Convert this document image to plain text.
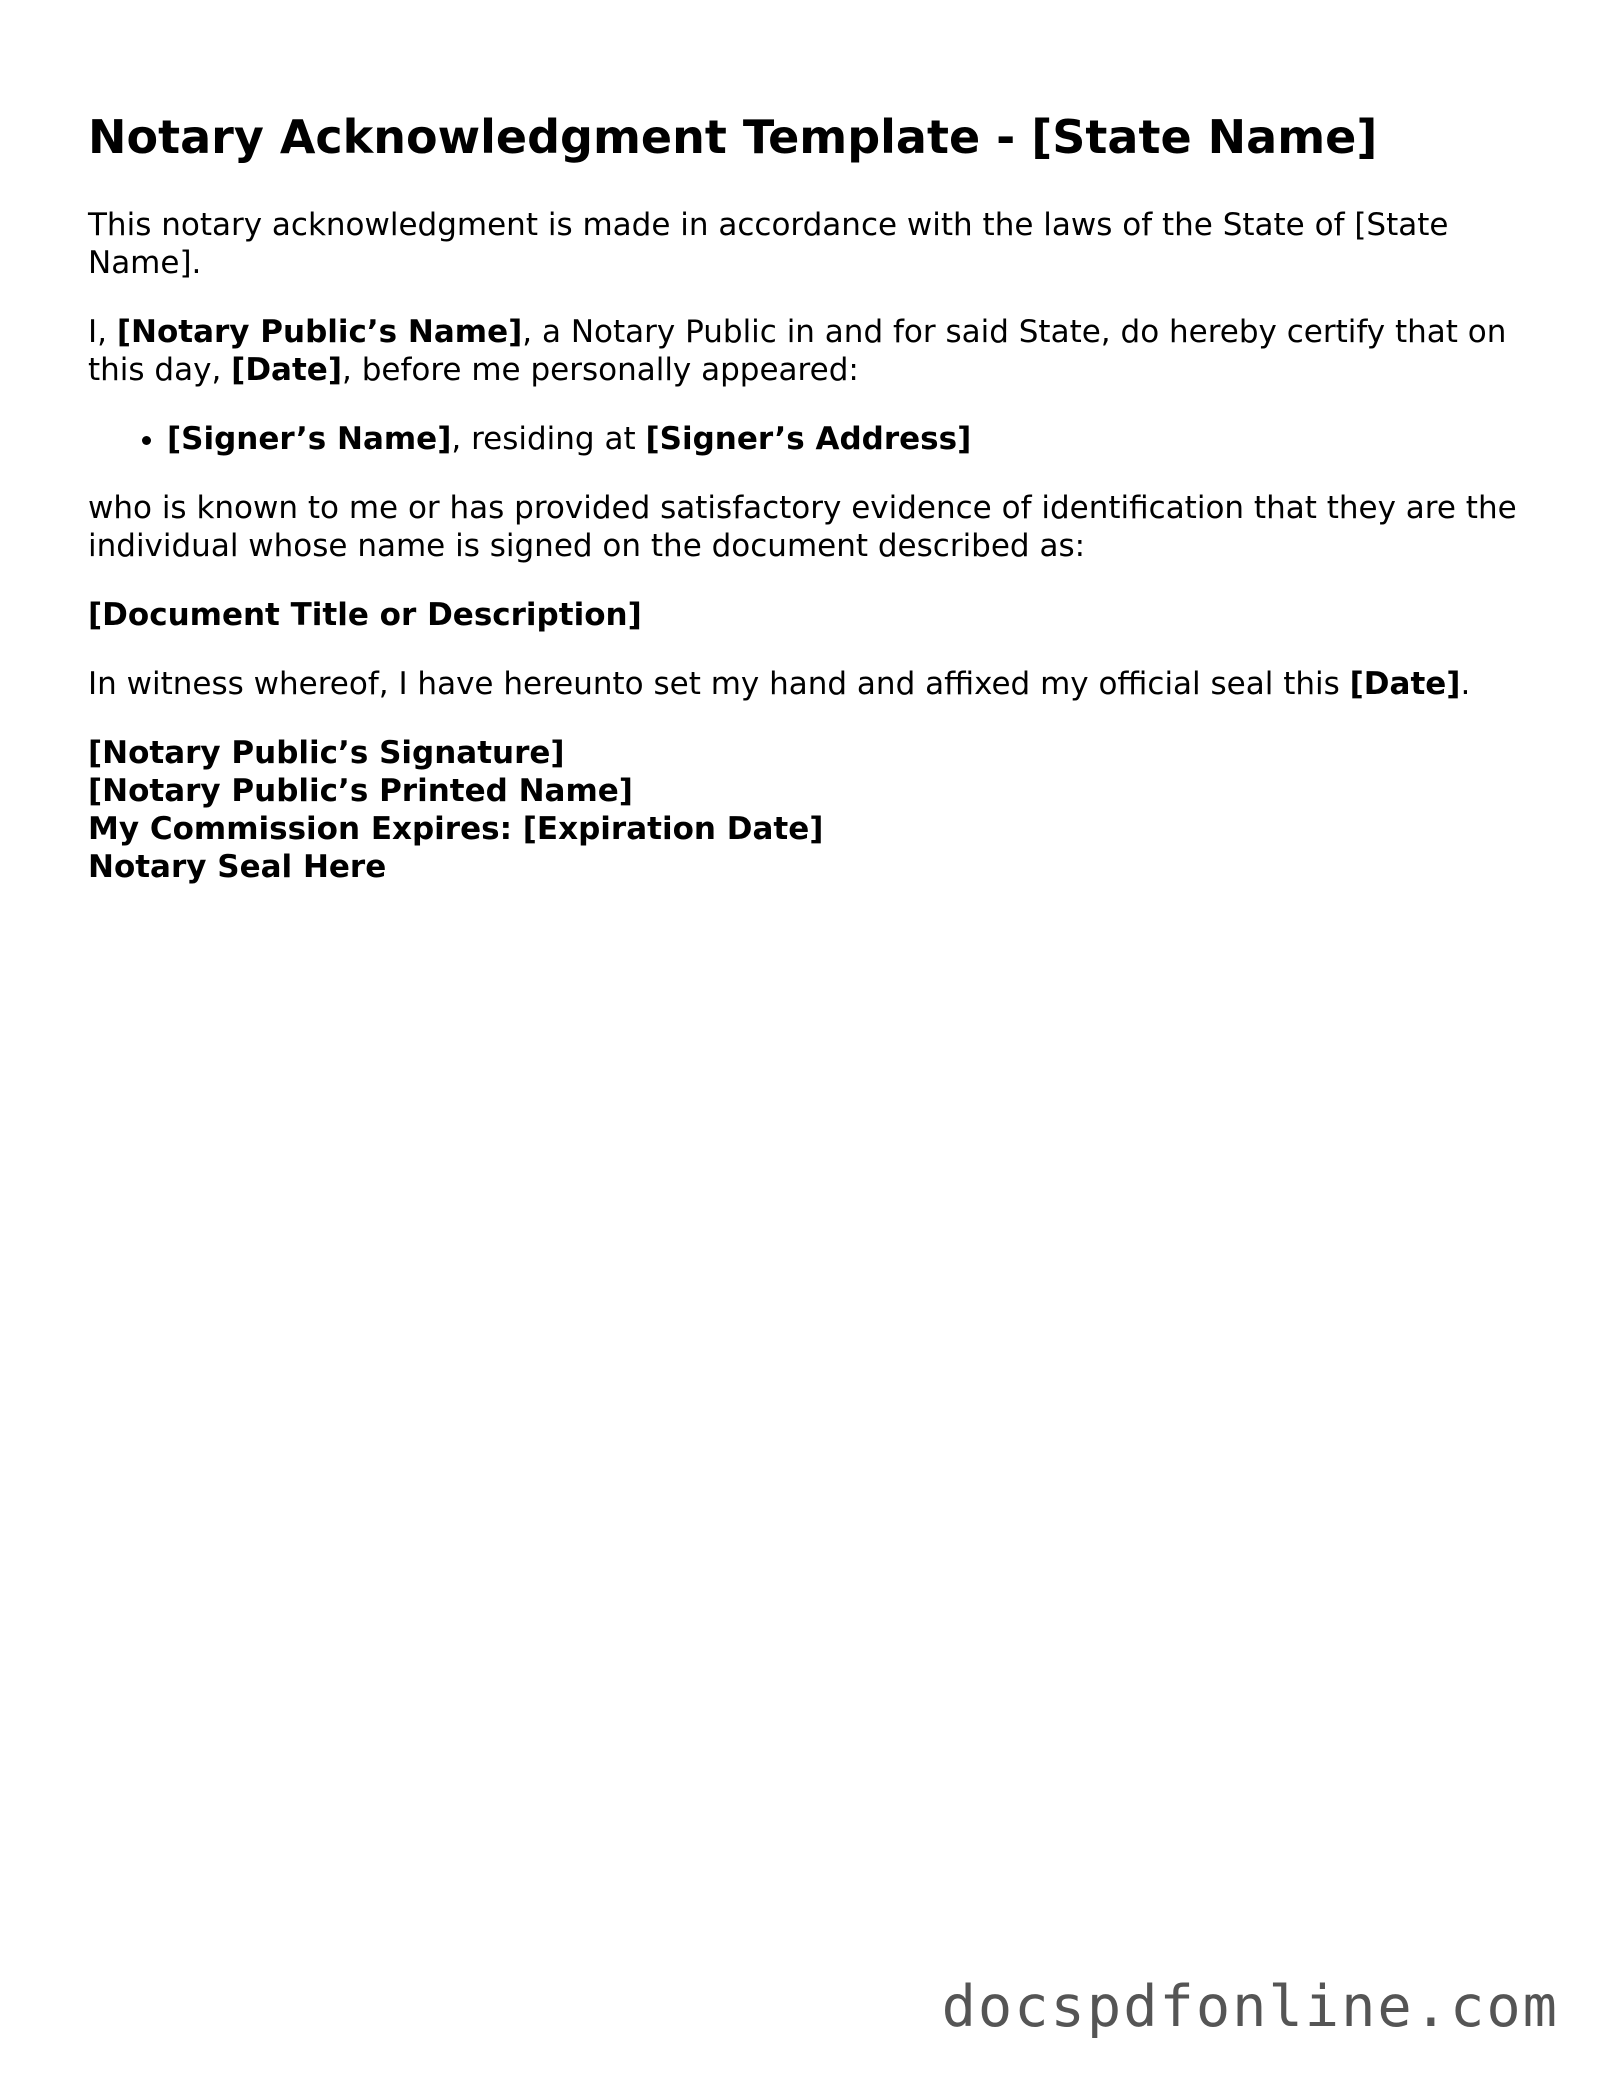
Notary Acknowledgment Template - [State Name]

This notary acknowledgment is made in accordance with the laws of the State of [State Name].

I, [Notary Public’s Name], a Notary Public in and for said State, do hereby certify that on this day, [Date], before me personally appeared:

• [Signer’s Name], residing at [Signer’s Address]

who is known to me or has provided satisfactory evidence of identification that they are the individual whose name is signed on the document described as:

[Document Title or Description]

In witness whereof, I have hereunto set my hand and affixed my official seal this [Date].

[Notary Public’s Signature]
[Notary Public’s Printed Name]
My Commission Expires: [Expiration Date]
Notary Seal Here
docspdfonline.com
